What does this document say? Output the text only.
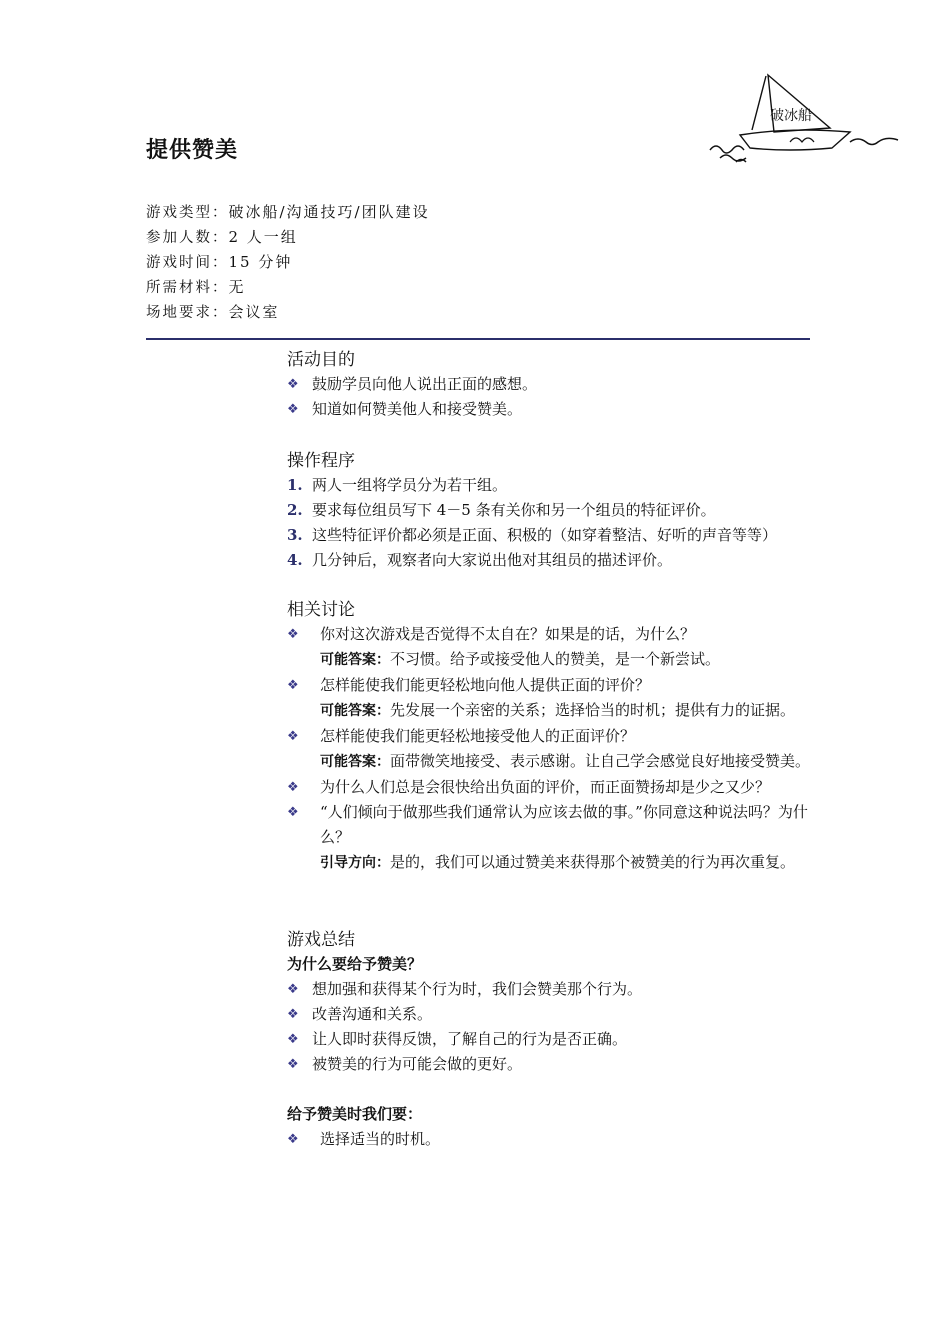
破冰船
提供赞美
游戏类型：破冰船/沟通技巧/团队建设
参加人数：2 人一组
游戏时间：15 分钟
所需材料：无
场地要求：会议室
活动目的
❖ 鼓励学员向他人说出正面的感想。
❖ 知道如何赞美他人和接受赞美。
操作程序
1. 两人一组将学员分为若干组。
2. 要求每位组员写下 4－5 条有关你和另一个组员的特征评价。
3. 这些特征评价都必须是正面、积极的（如穿着整洁、好听的声音等等）
4. 几分钟后，观察者向大家说出他对其组员的描述评价。
相关讨论
❖	你对这次游戏是否觉得不太自在？如果是的话，为什么？
可能答案：不习惯。给予或接受他人的赞美，是一个新尝试。
❖	怎样能使我们能更轻松地向他人提供正面的评价？
可能答案：先发展一个亲密的关系；选择恰当的时机；提供有力的证据。
❖	怎样能使我们能更轻松地接受他人的正面评价？
可能答案：面带微笑地接受、表示感谢。让自己学会感觉良好地接受赞美。
❖	为什么人们总是会很快给出负面的评价，而正面赞扬却是少之又少？
❖	“人们倾向于做那些我们通常认为应该去做的事。”你同意这种说法吗？为什么？
引导方向：是的，我们可以通过赞美来获得那个被赞美的行为再次重复。
游戏总结
为什么要给予赞美？
❖ 想加强和获得某个行为时，我们会赞美那个行为。
❖ 改善沟通和关系。
❖ 让人即时获得反馈，了解自己的行为是否正确。
❖ 被赞美的行为可能会做的更好。
给予赞美时我们要：
❖	选择适当的时机。
